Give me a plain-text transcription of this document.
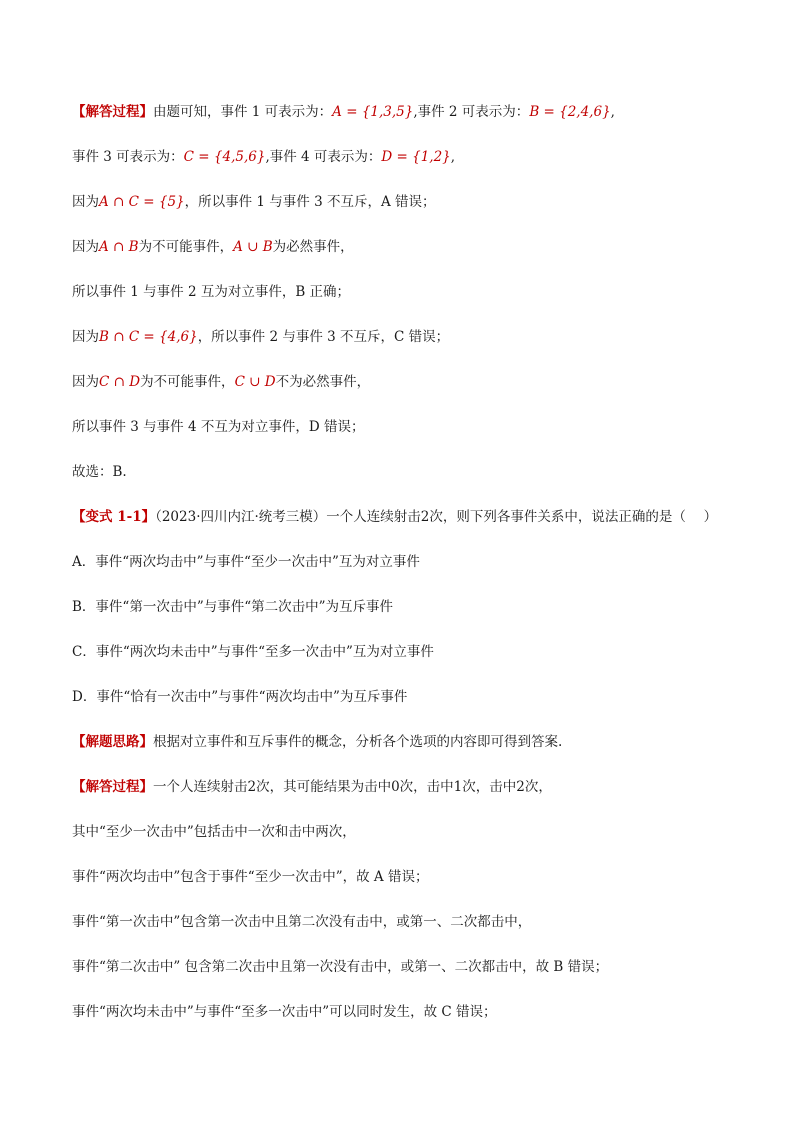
【解答过程】由题可知，事件 1 可表示为：A = {1,3,5},事件 2 可表示为：B = {2,4,6},
事件 3 可表示为：C = {4,5,6},事件 4 可表示为：D = {1,2},
因为A ∩ C = {5}，所以事件 1 与事件 3 不互斥，A 错误；
因为A ∩ B为不可能事件，A ∪ B为必然事件，
所以事件 1 与事件 2 互为对立事件，B 正确；
因为B ∩ C = {4,6}，所以事件 2 与事件 3 不互斥，C 错误；
因为C ∩ D为不可能事件，C ∪ D不为必然事件，
所以事件 3 与事件 4 不互为对立事件，D 错误；
故选：B.
【变式 1-1】（2023·四川内江·统考三模）一个人连续射击2次，则下列各事件关系中，说法正确的是（　 ）
A．事件“两次均击中”与事件“至少一次击中”互为对立事件
B．事件“第一次击中”与事件“第二次击中”为互斥事件
C．事件“两次均未击中”与事件“至多一次击中”互为对立事件
D．事件“恰有一次击中”与事件“两次均击中”为互斥事件
【解题思路】根据对立事件和互斥事件的概念，分析各个选项的内容即可得到答案.
【解答过程】一个人连续射击2次，其可能结果为击中0次，击中1次，击中2次，
其中“至少一次击中”包括击中一次和击中两次，
事件“两次均击中”包含于事件“至少一次击中”，故 A 错误；
事件“第一次击中”包含第一次击中且第二次没有击中，或第一、二次都击中，
事件“第二次击中” 包含第二次击中且第一次没有击中，或第一、二次都击中，故 B 错误；
事件“两次均未击中”与事件“至多一次击中”可以同时发生，故 C 错误；
